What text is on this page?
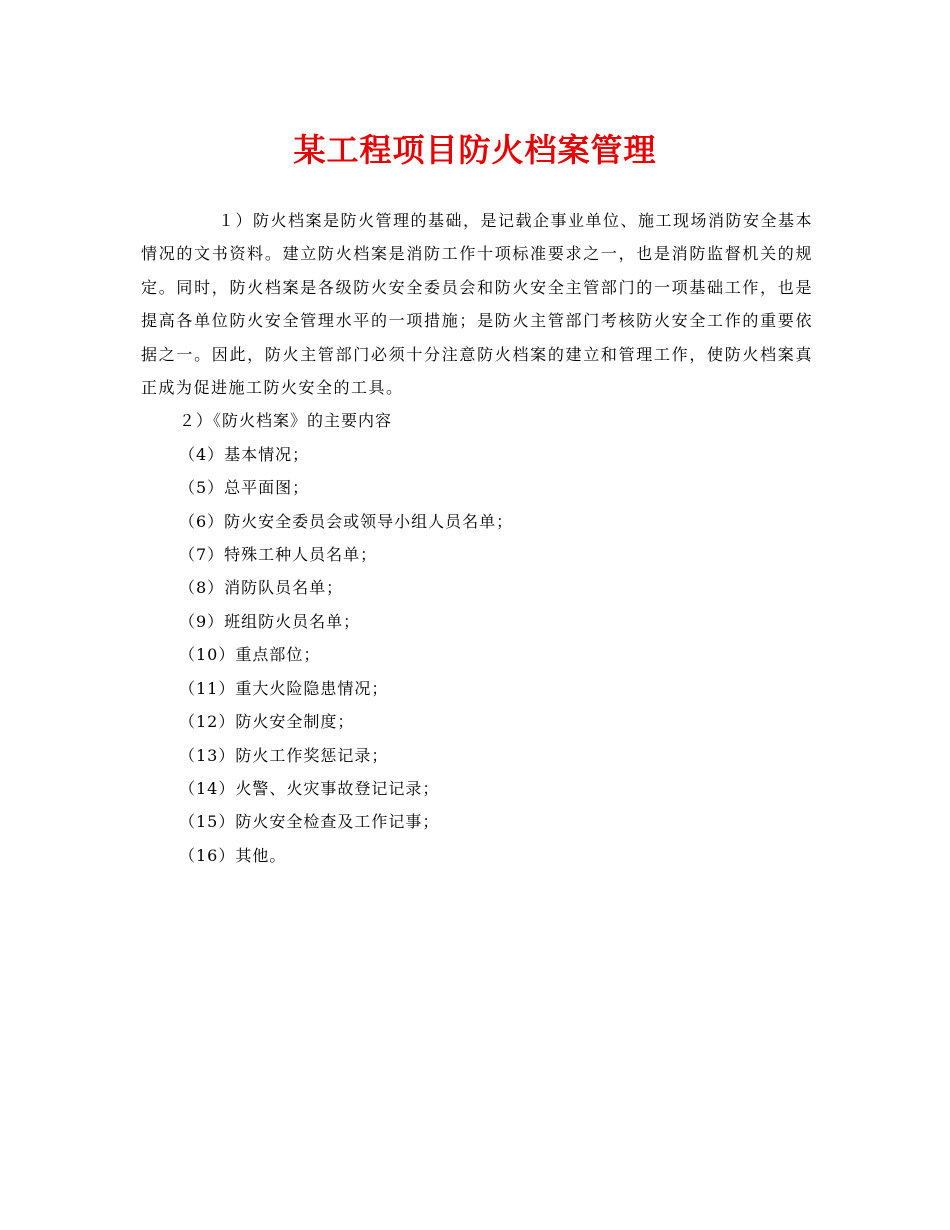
某工程项目防火档案管理

１）防火档案是防火管理的基础，是记载企事业单位、施工现场消防安全基本情况的文书资料。建立防火档案是消防工作十项标准要求之一，也是消防监督机关的规定。同时，防火档案是各级防火安全委员会和防火安全主管部门的一项基础工作，也是提高各单位防火安全管理水平的一项措施；是防火主管部门考核防火安全工作的重要依据之一。因此，防火主管部门必须十分注意防火档案的建立和管理工作，使防火档案真正成为促进施工防火安全的工具。

２）《防火档案》的主要内容
（4）基本情况；
（5）总平面图；
（6）防火安全委员会或领导小组人员名单；
（7）特殊工种人员名单；
（8）消防队员名单；
（9）班组防火员名单；
（10）重点部位；
（11）重大火险隐患情况；
（12）防火安全制度；
（13）防火工作奖惩记录；
（14）火警、火灾事故登记记录；
（15）防火安全检查及工作记事；
（16）其他。
